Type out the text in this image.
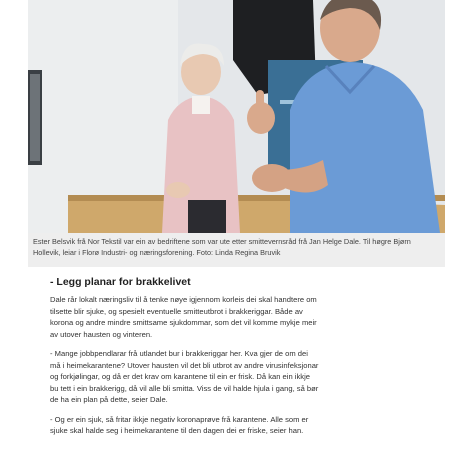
Ester Belsvik frå Nor Tekstil var ein av bedriftene som var ute etter smittevernsråd frå Jan Helge Dale. Til høgre Bjørn Hollevik, leiar i Florø Industri- og næringsforening. Foto: Linda Regina Bruvik

- Legg planar for brakkelivet

Dale rår lokalt næringsliv til å tenke nøye igjennom korleis dei skal handtere om tilsette blir sjuke, og spesielt eventuelle smitteutbrot i brakkeriggar. Både av korona og andre mindre smittsame sjukdommar, som det vil komme mykje meir av utover hausten og vinteren.

- Mange jobbpendlarar frå utlandet bur i brakkeriggar her. Kva gjer de om dei må i heimekarantene? Utover hausten vil det bli utbrot av andre virusinfeksjonar og forkjølingar, og då er det krav om karantene til ein er frisk. Då kan ein ikkje bu tett i ein brakkerigg, då vil alle bli smitta. Viss de vil halde hjula i gang, så bør de ha ein plan på dette, seier Dale.

- Og er ein sjuk, så fritar ikkje negativ koronaprøve frå karantene. Alle som er sjuke skal halde seg i heimekarantene til den dagen dei er friske, seier han.
